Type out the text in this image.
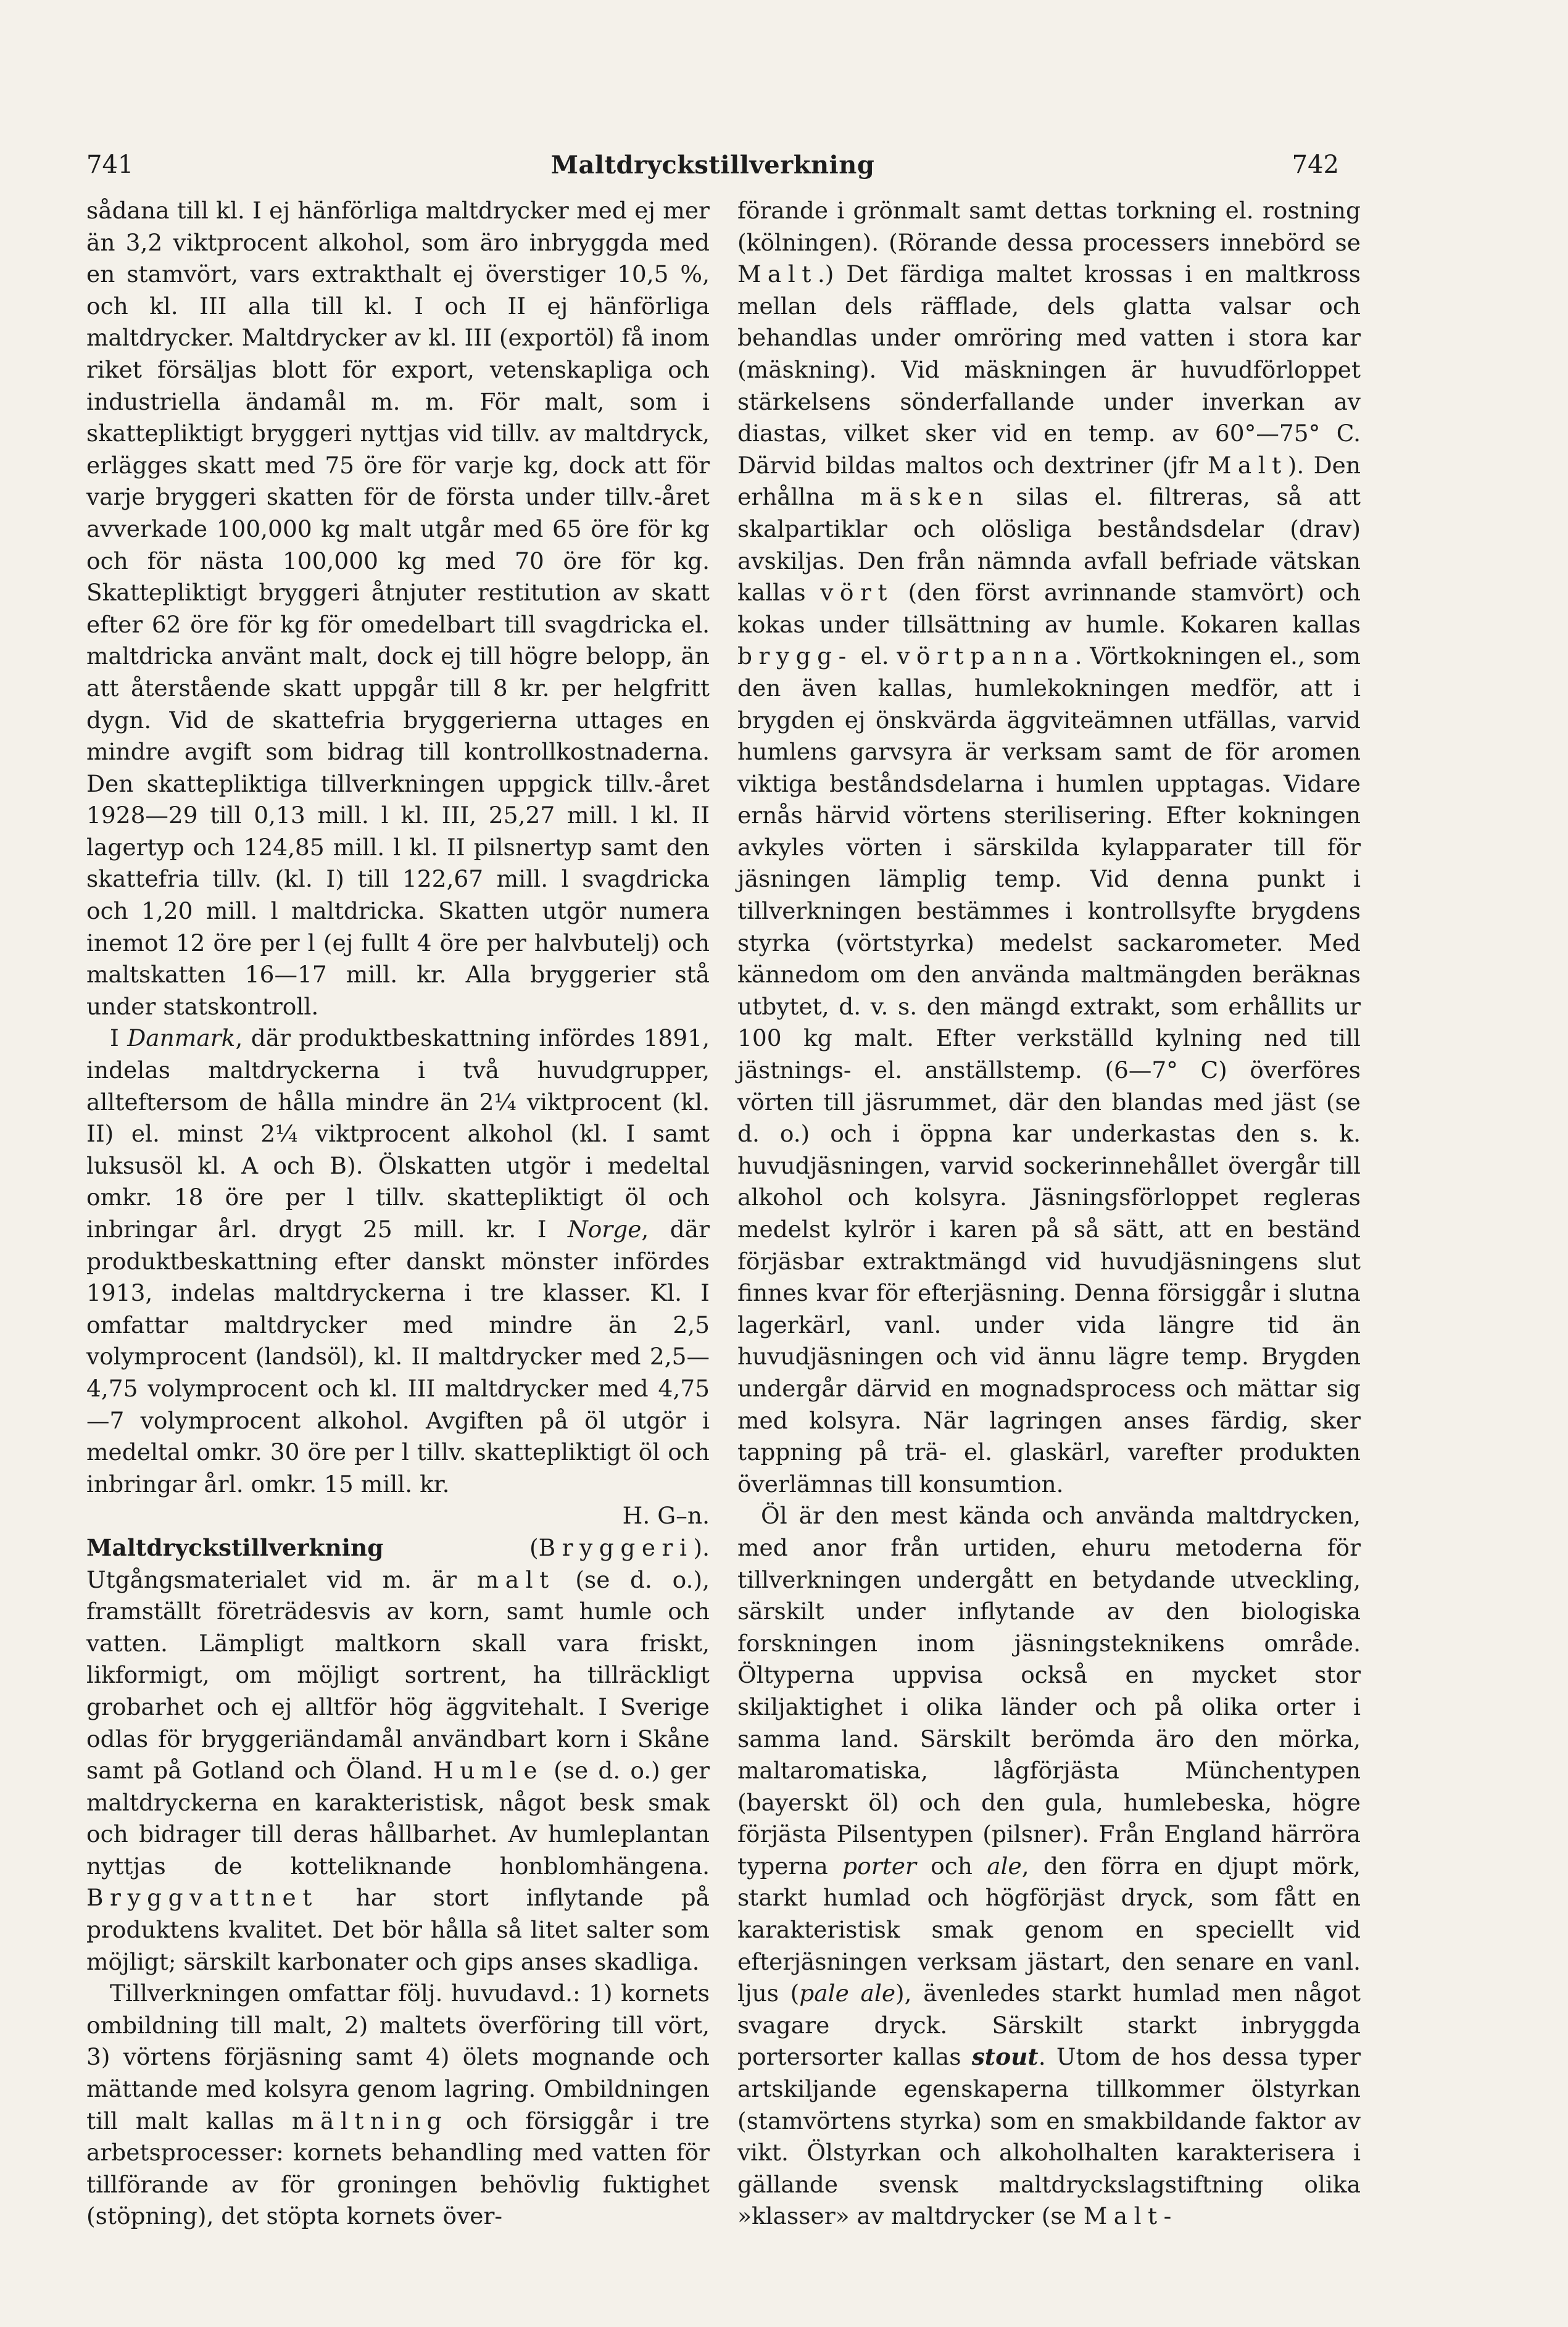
741	Maltdryckstillverkning	742

sådana till kl. I ej hänförliga maltdrycker med ej mer än 3,2 viktprocent alkohol, som äro inbryggda med en stamvört, vars extrakthalt ej överstiger 10,5 %, och kl. III alla till kl. I och II ej hänförliga maltdrycker. Maltdrycker av kl. III (exportöl) få inom riket försäljas blott för export, vetenskapliga och industriella ändamål m. m. För malt, som i skattepliktigt bryggeri nyttjas vid tillv. av maltdryck, erlägges skatt med 75 öre för varje kg, dock att för varje bryggeri skatten för de första under tillv.-året avverkade 100,000 kg malt utgår med 65 öre för kg och för nästa 100,000 kg med 70 öre för kg. Skattepliktigt bryggeri åtnjuter restitution av skatt efter 62 öre för kg för omedelbart till svagdricka el. maltdricka använt malt, dock ej till högre belopp, än att återstående skatt uppgår till 8 kr. per helgfritt dygn. Vid de skattefria bryggerierna uttages en mindre avgift som bidrag till kontrollkostnaderna. Den skattepliktiga tillverkningen uppgick tillv.-året 1928—29 till 0,13 mill. l kl. III, 25,27 mill. l kl. II lagertyp och 124,85 mill. l kl. II pilsnertyp samt den skattefria tillv. (kl. I) till 122,67 mill. l svagdricka och 1,20 mill. l maltdricka. Skatten utgör numera inemot 12 öre per l (ej fullt 4 öre per halvbutelj) och maltskatten 16—17 mill. kr. Alla bryggerier stå under statskontroll.

I Danmark, där produktbeskattning infördes 1891, indelas maltdryckerna i två huvudgrupper, allteftersom de hålla mindre än 2¼ viktprocent (kl. II) el. minst 2¼ viktprocent alkohol (kl. I samt luksusöl kl. A och B). Ölskatten utgör i medeltal omkr. 18 öre per l tillv. skattepliktigt öl och inbringar årl. drygt 25 mill. kr. I Norge, där produktbeskattning efter danskt mönster infördes 1913, indelas maltdryckerna i tre klasser. Kl. I omfattar maltdrycker med mindre än 2,5 volymprocent (landsöl), kl. II maltdrycker med 2,5—4,75 volymprocent och kl. III maltdrycker med 4,75—7 volymprocent alkohol. Avgiften på öl utgör i medeltal omkr. 30 öre per l tillv. skattepliktigt öl och inbringar årl. omkr. 15 mill. kr.

H. G–n.

Maltdryckstillverkning (Bryggeri). Utgångsmaterialet vid m. är malt (se d. o.), framställt företrädesvis av korn, samt humle och vatten. Lämpligt maltkorn skall vara friskt, likformigt, om möjligt sortrent, ha tillräckligt grobarhet och ej alltför hög äggvitehalt. I Sverige odlas för bryggeriändamål användbart korn i Skåne samt på Gotland och Öland. Humle (se d. o.) ger maltdryckerna en karakteristisk, något besk smak och bidrager till deras hållbarhet. Av humleplantan nyttjas de kotteliknande honblomhängena. Bryggvattnet har stort inflytande på produktens kvalitet. Det bör hålla så litet salter som möjligt; särskilt karbonater och gips anses skadliga.

Tillverkningen omfattar följ. huvudavd.: 1) kornets ombildning till malt, 2) maltets överföring till vört, 3) vörtens förjäsning samt 4) ölets mognande och mättande med kolsyra genom lagring. Ombildningen till malt kallas mältning och försiggår i tre arbetsprocesser: kornets behandling med vatten för tillförande av för groningen behövlig fuktighet (stöpning), det stöpta kornets över-

förande i grönmalt samt dettas torkning el. rostning (kölningen). (Rörande dessa processers innebörd se Malt.) Det färdiga maltet krossas i en maltkross mellan dels räfflade, dels glatta valsar och behandlas under omröring med vatten i stora kar (mäskning). Vid mäskningen är huvudförloppet stärkelsens sönderfallande under inverkan av diastas, vilket sker vid en temp. av 60°—75° C. Därvid bildas maltos och dextriner (jfr Malt). Den erhållna mäsken silas el. filtreras, så att skalpartiklar och olösliga beståndsdelar (drav) avskiljas. Den från nämnda avfall befriade vätskan kallas vört (den först avrinnande stamvört) och kokas under tillsättning av humle. Kokaren kallas brygg- el. vörtpanna. Vörtkokningen el., som den även kallas, humlekokningen medför, att i brygden ej önskvärda äggviteämnen utfällas, varvid humlens garvsyra är verksam samt de för aromen viktiga beståndsdelarna i humlen upptagas. Vidare ernås härvid vörtens sterilisering. Efter kokningen avkyles vörten i särskilda kylapparater till för jäsningen lämplig temp. Vid denna punkt i tillverkningen bestämmes i kontrollsyfte brygdens styrka (vörtstyrka) medelst sackarometer. Med kännedom om den använda maltmängden beräknas utbytet, d. v. s. den mängd extrakt, som erhållits ur 100 kg malt. Efter verkställd kylning ned till jästnings- el. anställstemp. (6—7° C) överföres vörten till jäsrummet, där den blandas med jäst (se d. o.) och i öppna kar underkastas den s. k. huvudjäsningen, varvid sockerinnehållet övergår till alkohol och kolsyra. Jäsningsförloppet regleras medelst kylrör i karen på så sätt, att en beständ förjäsbar extraktmängd vid huvudjäsningens slut finnes kvar för efterjäsning. Denna försiggår i slutna lagerkärl, vanl. under vida längre tid än huvudjäsningen och vid ännu lägre temp. Brygden undergår därvid en mognadsprocess och mättar sig med kolsyra. När lagringen anses färdig, sker tappning på trä- el. glaskärl, varefter produkten överlämnas till konsumtion.

Öl är den mest kända och använda maltdrycken, med anor från urtiden, ehuru metoderna för tillverkningen undergått en betydande utveckling, särskilt under inflytande av den biologiska forskningen inom jäsningsteknikens område. Öltyperna uppvisa också en mycket stor skiljaktighet i olika länder och på olika orter i samma land. Särskilt berömda äro den mörka, maltaromatiska, lågförjästa Münchentypen (bayerskt öl) och den gula, humlebeska, högre förjästa Pilsentypen (pilsner). Från England härröra typerna porter och ale, den förra en djupt mörk, starkt humlad och högförjäst dryck, som fått en karakteristisk smak genom en speciellt vid efterjäsningen verksam jästart, den senare en vanl. ljus (pale ale), ävenledes starkt humlad men något svagare dryck. Särskilt starkt inbryggda portersorter kallas stout. Utom de hos dessa typer artskiljande egenskaperna tillkommer ölstyrkan (stamvörtens styrka) som en smakbildande faktor av vikt. Ölstyrkan och alkoholhalten karakterisera i gällande svensk maltdryckslagstiftning olika »klasser» av maltdrycker (se Malt-
